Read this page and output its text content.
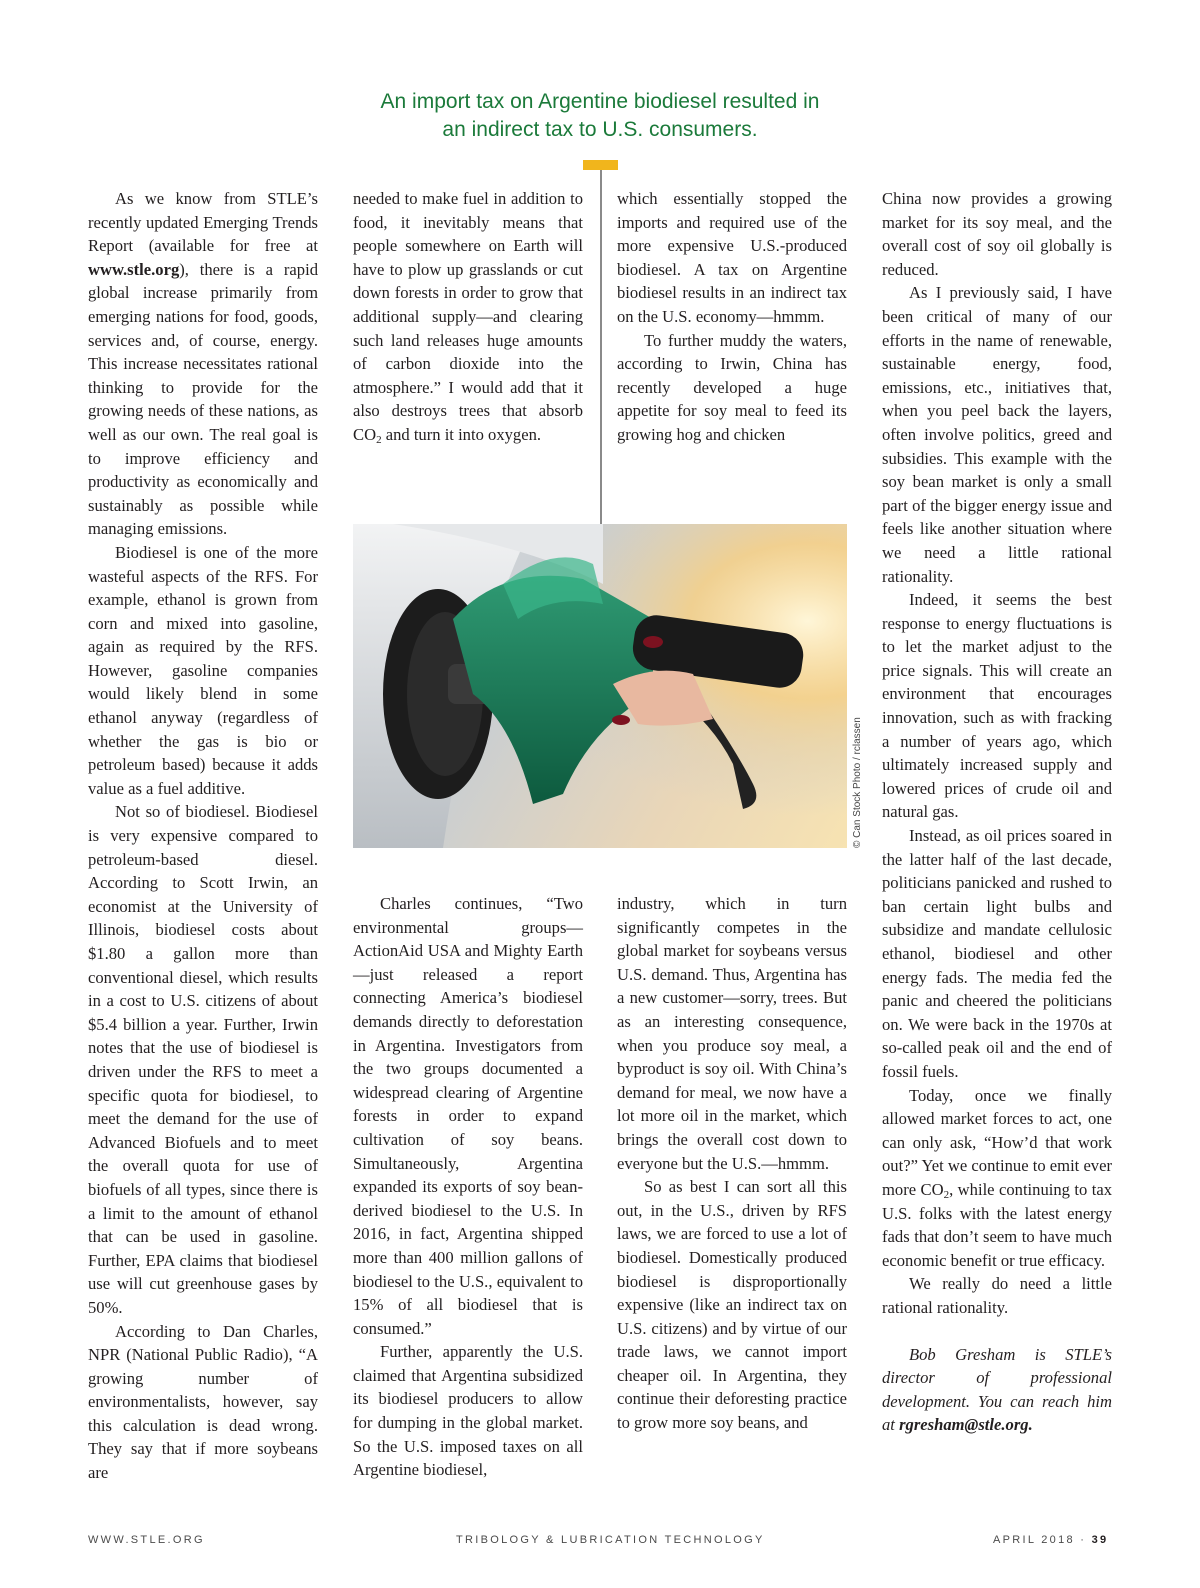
An import tax on Argentine biodiesel resulted in
an indirect tax to U.S. consumers.

As we know from STLE’s recently updated Emerging Trends Report (available for free at www.stle.org), there is a rapid global increase primarily from emerging nations for food, goods, services and, of course, energy. This increase necessitates rational thinking to provide for the growing needs of these nations, as well as our own. The real goal is to improve efficiency and productivity as economically and sustainably as possible while managing emissions.

Biodiesel is one of the more wasteful aspects of the RFS. For example, ethanol is grown from corn and mixed into gasoline, again as required by the RFS. However, gasoline companies would likely blend in some ethanol anyway (regardless of whether the gas is bio or petroleum based) because it adds value as a fuel additive.

Not so of biodiesel. Biodiesel is very expensive compared to petroleum-based diesel. According to Scott Irwin, an economist at the University of Illinois, biodiesel costs about $1.80 a gallon more than conventional diesel, which results in a cost to U.S. citizens of about $5.4 billion a year. Further, Irwin notes that the use of biodiesel is driven under the RFS to meet a specific quota for biodiesel, to meet the demand for the use of Advanced Biofuels and to meet the overall quota for use of biofuels of all types, since there is a limit to the amount of ethanol that can be used in gasoline. Further, EPA claims that biodiesel use will cut greenhouse gases by 50%.

According to Dan Charles, NPR (National Public Radio), “A growing number of environmentalists, however, say this calculation is dead wrong. They say that if more soybeans are

needed to make fuel in addition to food, it inevitably means that people somewhere on Earth will have to plow up grasslands or cut down forests in order to grow that additional supply—and clearing such land releases huge amounts of carbon dioxide into the atmosphere.” I would add that it also destroys trees that absorb $CO_2$ and turn it into oxygen.

which essentially stopped the imports and required use of the more expensive U.S.-produced biodiesel. A tax on Argentine biodiesel results in an indirect tax on the U.S. economy—hmmm.

To further muddy the waters, according to Irwin, China has recently developed a huge appetite for soy meal to feed its growing hog and chicken

© Can Stock Photo / rclassen

Charles continues, “Two environmental groups—ActionAid USA and Mighty Earth—just released a report connecting America’s biodiesel demands directly to deforestation in Argentina. Investigators from the two groups documented a widespread clearing of Argentine forests in order to expand cultivation of soy beans. Simultaneously, Argentina expanded its exports of soy bean-derived biodiesel to the U.S. In 2016, in fact, Argentina shipped more than 400 million gallons of biodiesel to the U.S., equivalent to 15% of all biodiesel that is consumed.”

Further, apparently the U.S. claimed that Argentina subsidized its biodiesel producers to allow for dumping in the global market. So the U.S. imposed taxes on all Argentine biodiesel,

industry, which in turn significantly competes in the global market for soybeans versus U.S. demand. Thus, Argentina has a new customer—sorry, trees. But as an interesting consequence, when you produce soy meal, a byproduct is soy oil. With China’s demand for meal, we now have a lot more oil in the market, which brings the overall cost down to everyone but the U.S.—hmmm.

So as best I can sort all this out, in the U.S., driven by RFS laws, we are forced to use a lot of biodiesel. Domestically produced biodiesel is disproportionally expensive (like an indirect tax on U.S. citizens) and by virtue of our trade laws, we cannot import cheaper oil. In Argentina, they continue their deforesting practice to grow more soy beans, and

China now provides a growing market for its soy meal, and the overall cost of soy oil globally is reduced.

As I previously said, I have been critical of many of our efforts in the name of renewable, sustainable energy, food, emissions, etc., initiatives that, when you peel back the layers, often involve politics, greed and subsidies. This example with the soy bean market is only a small part of the bigger energy issue and feels like another situation where we need a little rational rationality.

Indeed, it seems the best response to energy fluctuations is to let the market adjust to the price signals. This will create an environment that encourages innovation, such as with fracking a number of years ago, which ultimately increased supply and lowered prices of crude oil and natural gas.

Instead, as oil prices soared in the latter half of the last decade, politicians panicked and rushed to ban certain light bulbs and subsidize and mandate cellulosic ethanol, biodiesel and other energy fads. The media fed the panic and cheered the politicians on. We were back in the 1970s at so-called peak oil and the end of fossil fuels.

Today, once we finally allowed market forces to act, one can only ask, “How’d that work out?” Yet we continue to emit ever more $CO_2$, while continuing to tax U.S. folks with the latest energy fads that don’t seem to have much economic benefit or true efficacy.

We really do need a little rational rationality.

Bob Gresham is STLE’s director of professional development. You can reach him at rgresham@stle.org.

WWW.STLE.ORG	TRIBOLOGY & LUBRICATION TECHNOLOGY	APRIL 2018 · 39
